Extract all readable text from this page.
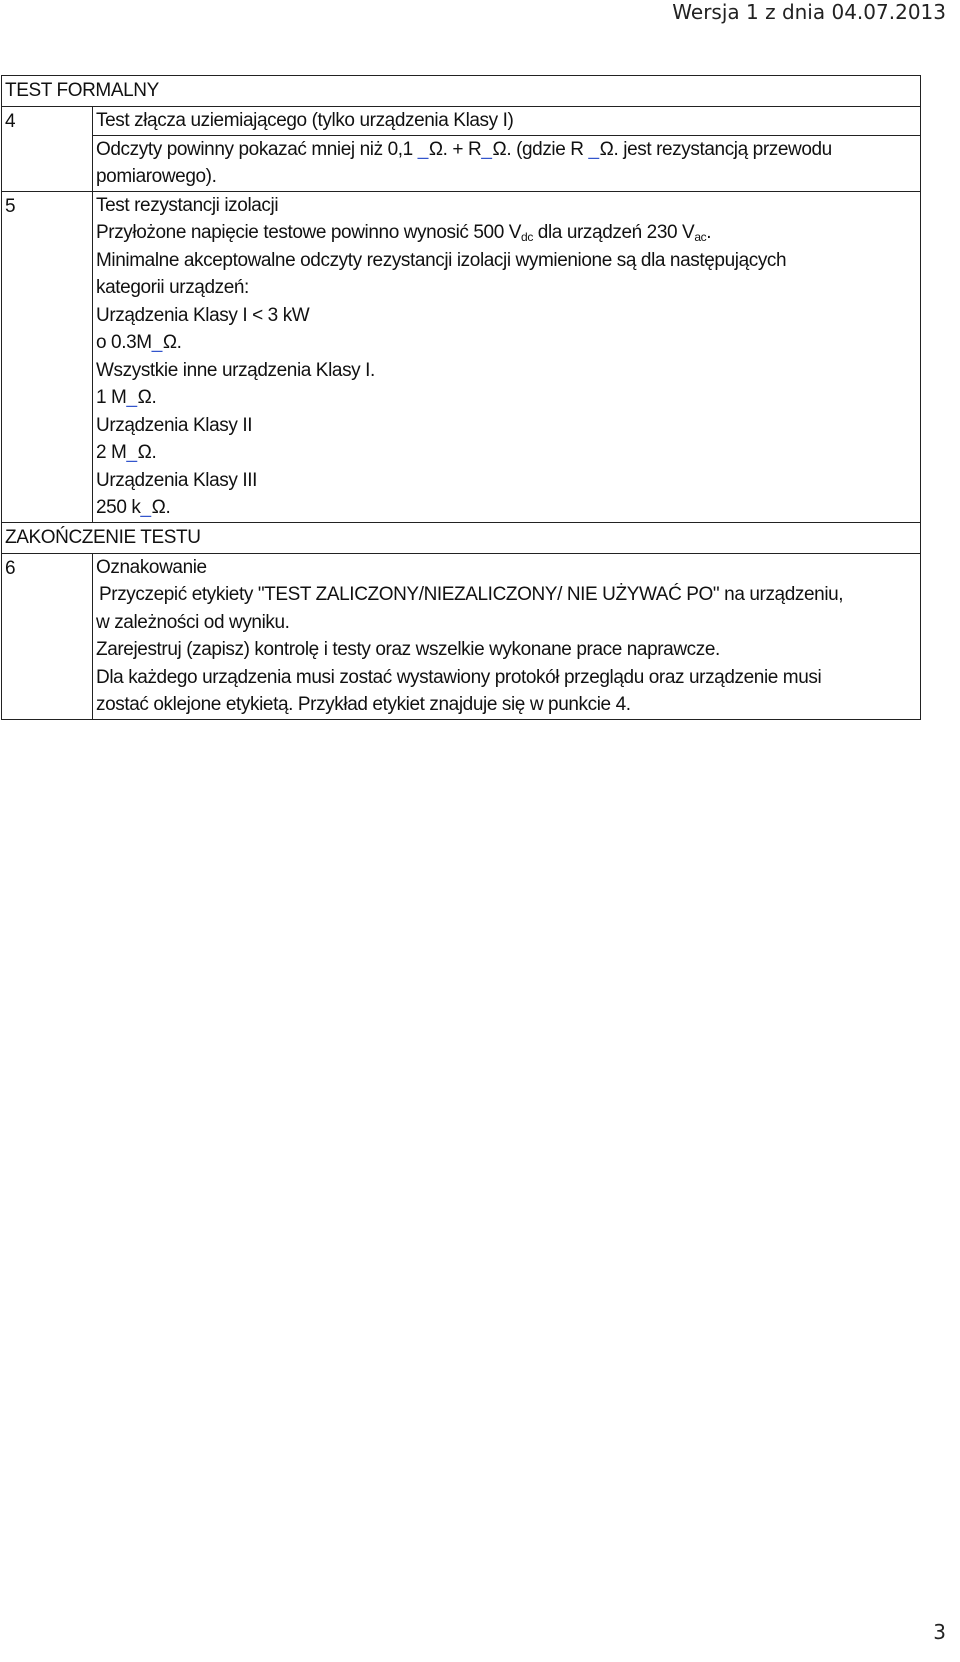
Wersja 1 z dnia 04.07.2013
TEST FORMALNY
4	Test złącza uziemiającego (tylko urządzenia Klasy I)
Odczyty powinny pokazać mniej niż 0,1 _ Ω. + R _ Ω. (gdzie R _ Ω. jest rezystancją przewodu
pomiarowego).
5	Test rezystancji izolacji
Przyłożone napięcie testowe powinno wynosić 500 $V_{dc}$ dla urządzeń 230 $V_{ac}$.
Minimalne akceptowalne odczyty rezystancji izolacji wymienione są dla następujących
kategorii urządzeń:
Urządzenia Klasy I < 3 kW
o 0.3M _ Ω.
Wszystkie inne urządzenia Klasy I.
1 M _ Ω.
Urządzenia Klasy II
2 M _ Ω.
Urządzenia Klasy III
250 k _ Ω.
ZAKOŃCZENIE TESTU
6	Oznakowanie
Przyczepić etykiety "TEST ZALICZONY/NIEZALICZONY/ NIE UŻYWAĆ PO" na urządzeniu,
w zależności od wyniku.
Zarejestruj (zapisz) kontrolę i testy oraz wszelkie wykonane prace naprawcze.
Dla każdego urządzenia musi zostać wystawiony protokół przeglądu oraz urządzenie musi
zostać oklejone etykietą. Przykład etykiet znajduje się w punkcie 4.
3
